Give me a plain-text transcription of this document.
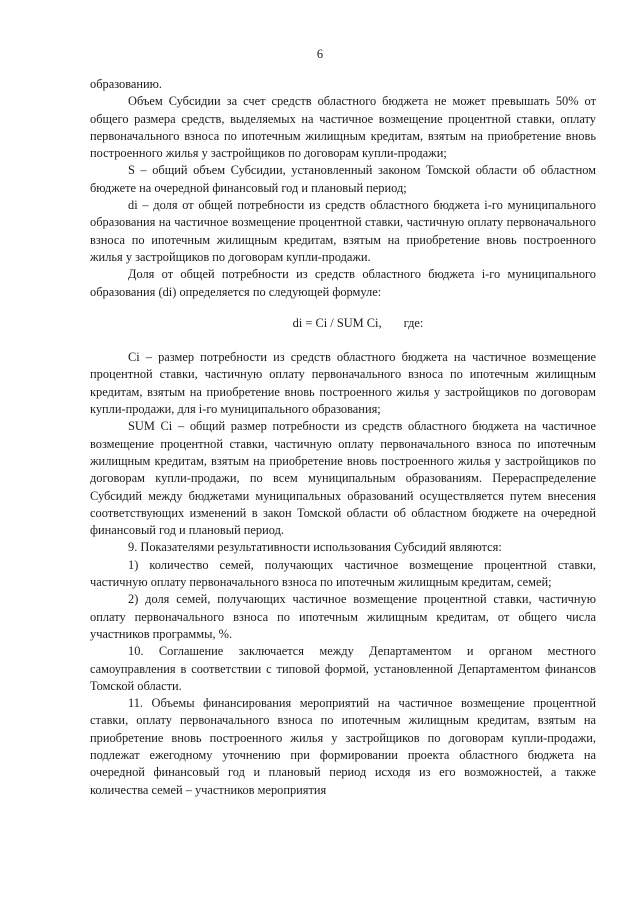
6

образованию.

Объем Субсидии за счет средств областного бюджета не может превышать 50% от общего размера средств, выделяемых на частичное возмещение процентной ставки, оплату первоначального взноса по ипотечным жилищным кредитам, взятым на приобретение вновь построенного жилья у застройщиков по договорам купли-продажи;

S – общий объем Субсидии, установленный законом Томской области об областном бюджете на очередной финансовый год и плановый период;

di – доля от общей потребности из средств областного бюджета i-го муниципального образования на частичное возмещение процентной ставки, частичную оплату первоначального взноса по ипотечным жилищным кредитам, взятым на приобретение вновь построенного жилья у застройщиков по договорам купли-продажи.

Доля от общей потребности из средств областного бюджета i-го муниципального образования (di) определяется по следующей формуле:

di = Ci / SUM Ci, где:

Ci – размер потребности из средств областного бюджета на частичное возмещение процентной ставки, частичную оплату первоначального взноса по ипотечным жилищным кредитам, взятым на приобретение вновь построенного жилья у застройщиков по договорам купли-продажи, для i-го муниципального образования;

SUM Ci – общий размер потребности из средств областного бюджета на частичное возмещение процентной ставки, частичную оплату первоначального взноса по ипотечным жилищным кредитам, взятым на приобретение вновь построенного жилья у застройщиков по договорам купли-продажи, по всем муниципальным образованиям. Перераспределение Субсидий между бюджетами муниципальных образований осуществляется путем внесения соответствующих изменений в закон Томской области об областном бюджете на очередной финансовый год и плановый период.

9. Показателями результативности использования Субсидий являются:

1) количество семей, получающих частичное возмещение процентной ставки, частичную оплату первоначального взноса по ипотечным жилищным кредитам, семей;

2) доля семей, получающих частичное возмещение процентной ставки, частичную оплату первоначального взноса по ипотечным жилищным кредитам, от общего числа участников программы, %.

10. Соглашение заключается между Департаментом и органом местного самоуправления в соответствии с типовой формой, установленной Департаментом финансов Томской области.

11. Объемы финансирования мероприятий на частичное возмещение процентной ставки, оплату первоначального взноса по ипотечным жилищным кредитам, взятым на приобретение вновь построенного жилья у застройщиков по договорам купли-продажи, подлежат ежегодному уточнению при формировании проекта областного бюджета на очередной финансовый год и плановый период исходя из его возможностей, а также количества семей – участников мероприятия
